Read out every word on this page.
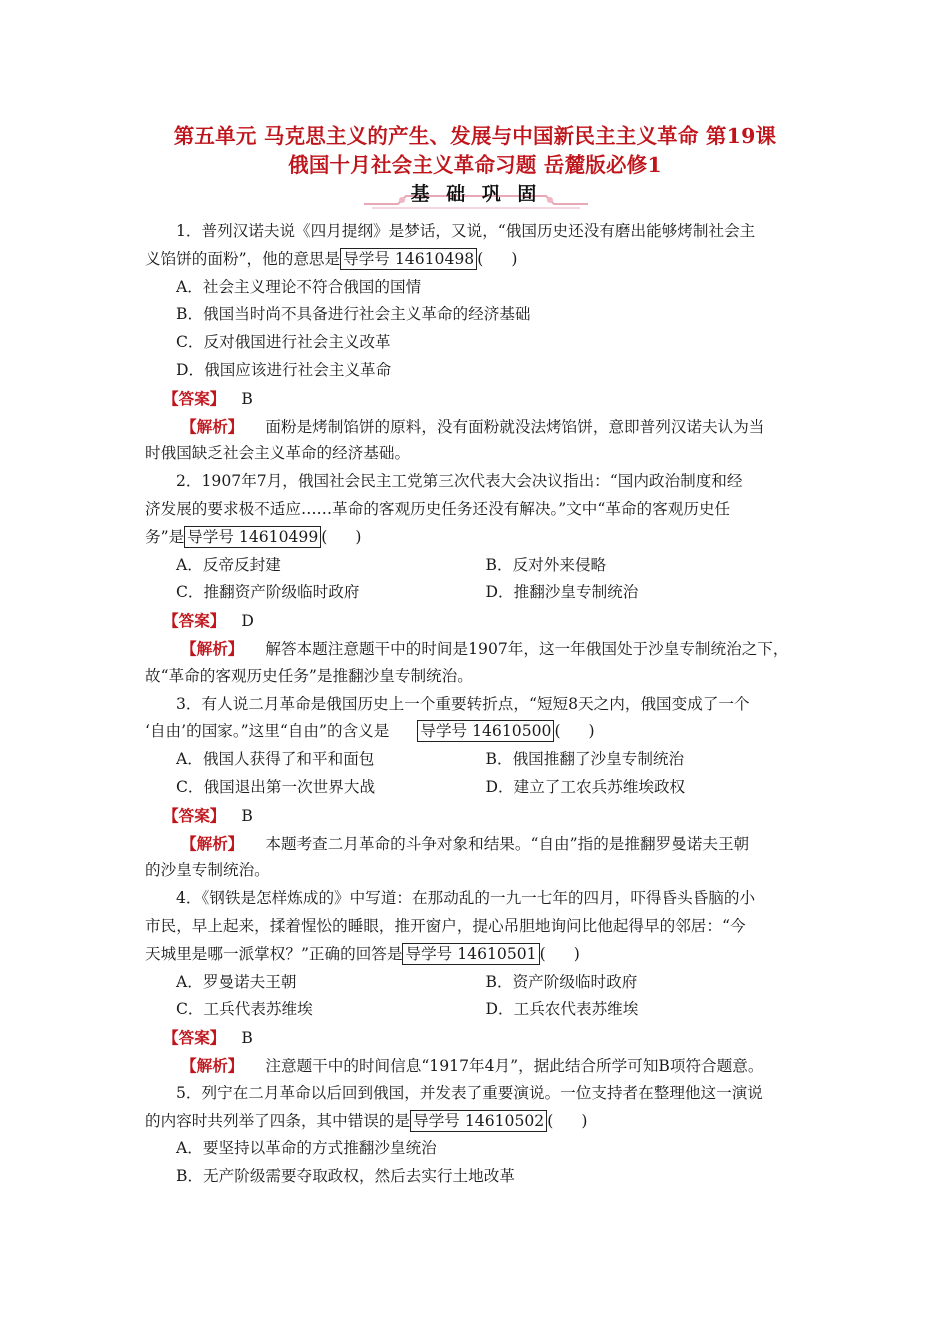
第五单元 马克思主义的产生、发展与中国新民主主义革命 第19课
俄国十月社会主义革命习题 岳麓版必修1
基 础 巩 固
1．普列汉诺夫说《四月提纲》是梦话，又说，“俄国历史还没有磨出能够烤制社会主
义馅饼的面粉”，他的意思是 导学号 14610498 ( )
A．社会主义理论不符合俄国的国情
B．俄国当时尚不具备进行社会主义革命的经济基础
C．反对俄国进行社会主义改革
D．俄国应该进行社会主义革命
【答案】 B
【解析】 面粉是烤制馅饼的原料，没有面粉就没法烤馅饼，意即普列汉诺夫认为当
时俄国缺乏社会主义革命的经济基础。
2．1907年7月，俄国社会民主工党第三次代表大会决议指出：“国内政治制度和经
济发展的要求极不适应……革命的客观历史任务还没有解决。”文中“革命的客观历史任
务”是 导学号 14610499 ( )
A．反帝反封建	B．反对外来侵略
C．推翻资产阶级临时政府	D．推翻沙皇专制统治
【答案】 D
【解析】 解答本题注意题干中的时间是1907年，这一年俄国处于沙皇专制统治之下，
故“革命的客观历史任务”是推翻沙皇专制统治。
3．有人说二月革命是俄国历史上一个重要转折点，“短短8天之内，俄国变成了一个
‘自由’的国家。”这里“自由”的含义是 导学号 14610500 ( )
A．俄国人获得了和平和面包	B．俄国推翻了沙皇专制统治
C．俄国退出第一次世界大战	D．建立了工农兵苏维埃政权
【答案】 B
【解析】 本题考查二月革命的斗争对象和结果。“自由”指的是推翻罗曼诺夫王朝
的沙皇专制统治。
4．《钢铁是怎样炼成的》中写道：在那动乱的一九一七年的四月，吓得昏头昏脑的小
市民，早上起来，揉着惺忪的睡眼，推开窗户，提心吊胆地询问比他起得早的邻居：“今
天城里是哪一派掌权？”正确的回答是 导学号 14610501 ( )
A．罗曼诺夫王朝	B．资产阶级临时政府
C．工兵代表苏维埃	D．工兵农代表苏维埃
【答案】 B
【解析】 注意题干中的时间信息“1917年4月”，据此结合所学可知B项符合题意。
5．列宁在二月革命以后回到俄国，并发表了重要演说。一位支持者在整理他这一演说
的内容时共列举了四条，其中错误的是 导学号 14610502 ( )
A．要坚持以革命的方式推翻沙皇统治
B．无产阶级需要夺取政权，然后去实行土地改革
